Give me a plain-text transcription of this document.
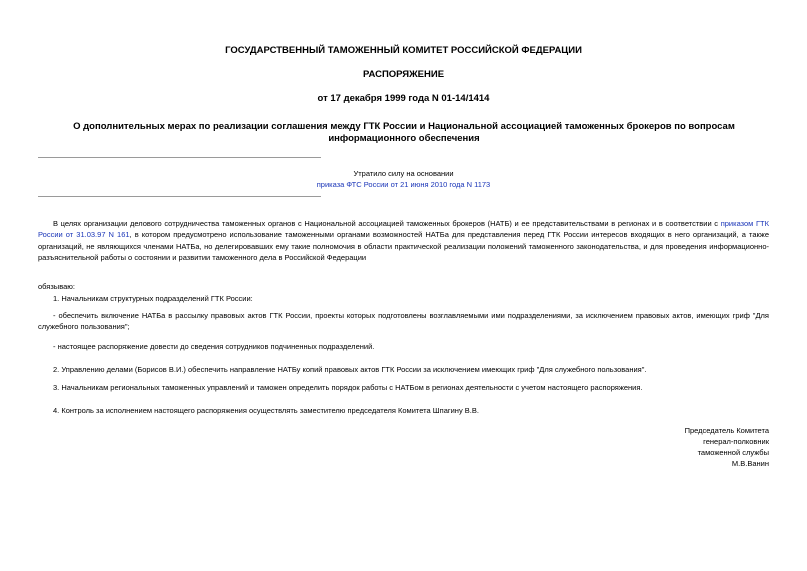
ГОСУДАРСТВЕННЫЙ ТАМОЖЕННЫЙ КОМИТЕТ РОССИЙСКОЙ ФЕДЕРАЦИИ
РАСПОРЯЖЕНИЕ
от 17 декабря 1999 года N 01-14/1414
О дополнительных мерах по реализации соглашения между ГТК России и Национальной ассоциацией таможенных брокеров по вопросам информационного обеспечения
Утратило силу на основании
приказа ФТС России от 21 июня 2010 года N 1173
В целях организации делового сотрудничества таможенных органов с Национальной ассоциацией таможенных брокеров (НАТБ) и ее представительствами в регионах и в соответствии с приказом ГТК России от 31.03.97 N 161, в котором предусмотрено использование таможенными органами возможностей НАТБа для представления перед ГТК России интересов входящих в него организаций, а также организаций, не являющихся членами НАТБа, но делегировавших ему такие полномочия в области практической реализации положений таможенного законодательства, и для проведения информационно-разъяснительной работы о состоянии и развитии таможенного дела в Российской Федерации
обязываю:
1. Начальникам структурных подразделений ГТК России:
- обеспечить включение НАТБа в рассылку правовых актов ГТК России, проекты которых подготовлены возглавляемыми ими подразделениями, за исключением правовых актов, имеющих гриф "Для служебного пользования";
- настоящее распоряжение довести до сведения сотрудников подчиненных подразделений.
2. Управлению делами (Борисов В.И.) обеспечить направление НАТБу копий правовых актов ГТК России за исключением имеющих гриф "Для служебного пользования".
3. Начальникам региональных таможенных управлений и таможен определить порядок работы с НАТБом в регионах деятельности с учетом настоящего распоряжения.
4. Контроль за исполнением настоящего распоряжения осуществлять заместителю председателя Комитета Шпагину В.В.
Председатель Комитета
генерал-полковник
таможенной службы
М.В.Ванин
